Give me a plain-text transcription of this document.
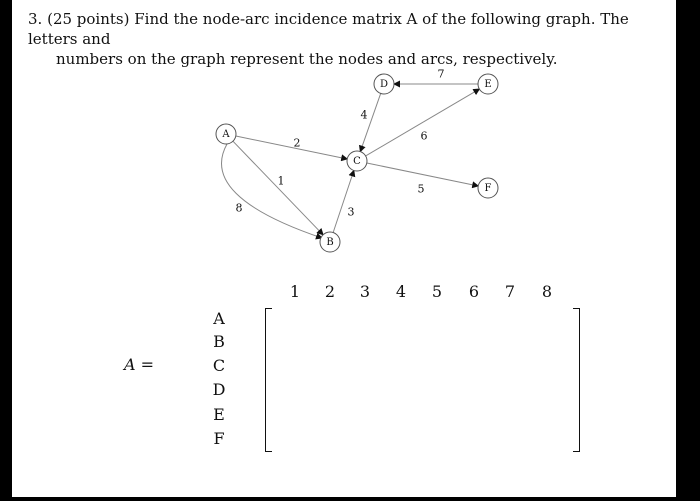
3. (25 points) Find the node-arc incidence matrix A of the following graph. The letters and
numbers on the graph represent the nodes and arcs, respectively.

1
2
3
4
5
6
7
8
A
B
C
D	E
F
A =
1 2 3 4 5 6 7 8
A
B
C
D
E
F
